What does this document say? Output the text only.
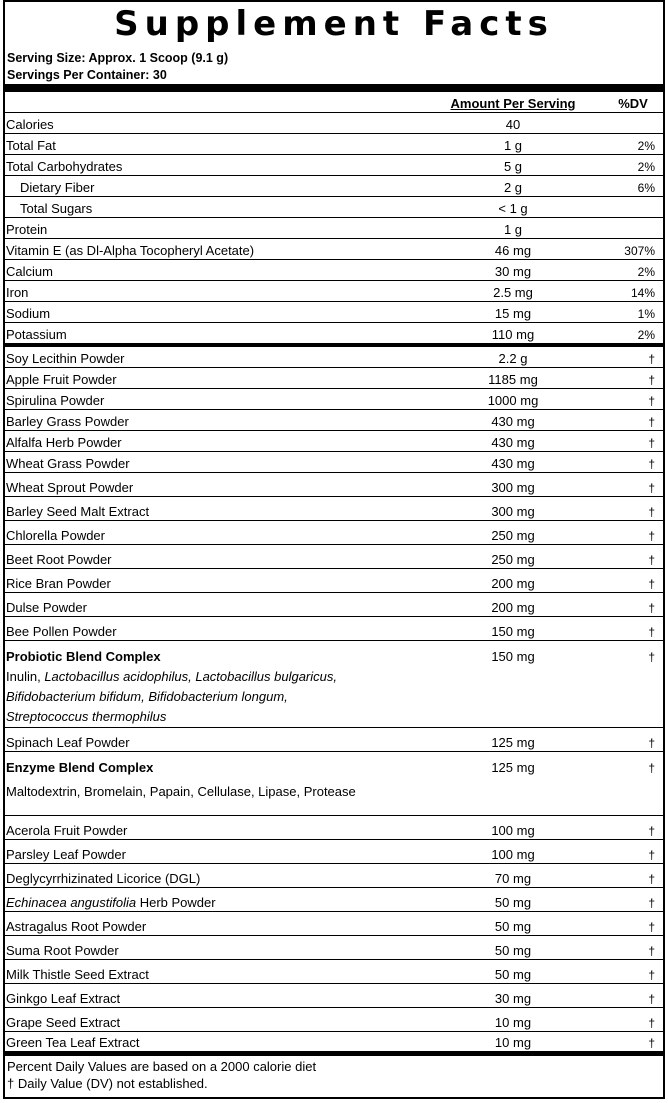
Supplement Facts
Serving Size: Approx. 1 Scoop (9.1 g)
Servings Per Container: 30
Amount Per Serving	%DV
Calories	40
Total Fat	1 g	2%
Total Carbohydrates	5 g	2%
Dietary Fiber	2 g	6%
Total Sugars	< 1 g
Protein	1 g
Vitamin E (as Dl-Alpha Tocopheryl Acetate)	46 mg	307%
Calcium	30 mg	2%
Iron	2.5 mg	14%
Sodium	15 mg	1%
Potassium	110 mg	2%
Soy Lecithin Powder	2.2 g	†
Apple Fruit Powder	1185 mg	†
Spirulina Powder	1000 mg	†
Barley Grass Powder	430 mg	†
Alfalfa Herb Powder	430 mg	†
Wheat Grass Powder	430 mg	†
Wheat Sprout Powder	300 mg	†
Barley Seed Malt Extract	300 mg	†
Chlorella Powder	250 mg	†
Beet Root Powder	250 mg	†
Rice Bran Powder	200 mg	†
Dulse Powder	200 mg	†
Bee Pollen Powder	150 mg	†
Probiotic Blend Complex	150 mg	†
Inulin, Lactobacillus acidophilus, Lactobacillus bulgaricus,
Bifidobacterium bifidum, Bifidobacterium longum,
Streptococcus thermophilus
Spinach Leaf Powder	125 mg	†
Enzyme Blend Complex	125 mg	†
Maltodextrin, Bromelain, Papain, Cellulase, Lipase, Protease
Acerola Fruit Powder	100 mg	†
Parsley Leaf Powder	100 mg	†
Deglycyrrhizinated Licorice (DGL)	70 mg	†
Echinacea angustifolia Herb Powder	50 mg	†
Astragalus Root Powder	50 mg	†
Suma Root Powder	50 mg	†
Milk Thistle Seed Extract	50 mg	†
Ginkgo Leaf Extract	30 mg	†
Grape Seed Extract	10 mg	†
Green Tea Leaf Extract	10 mg	†
Percent Daily Values are based on a 2000 calorie diet
† Daily Value (DV) not established.
